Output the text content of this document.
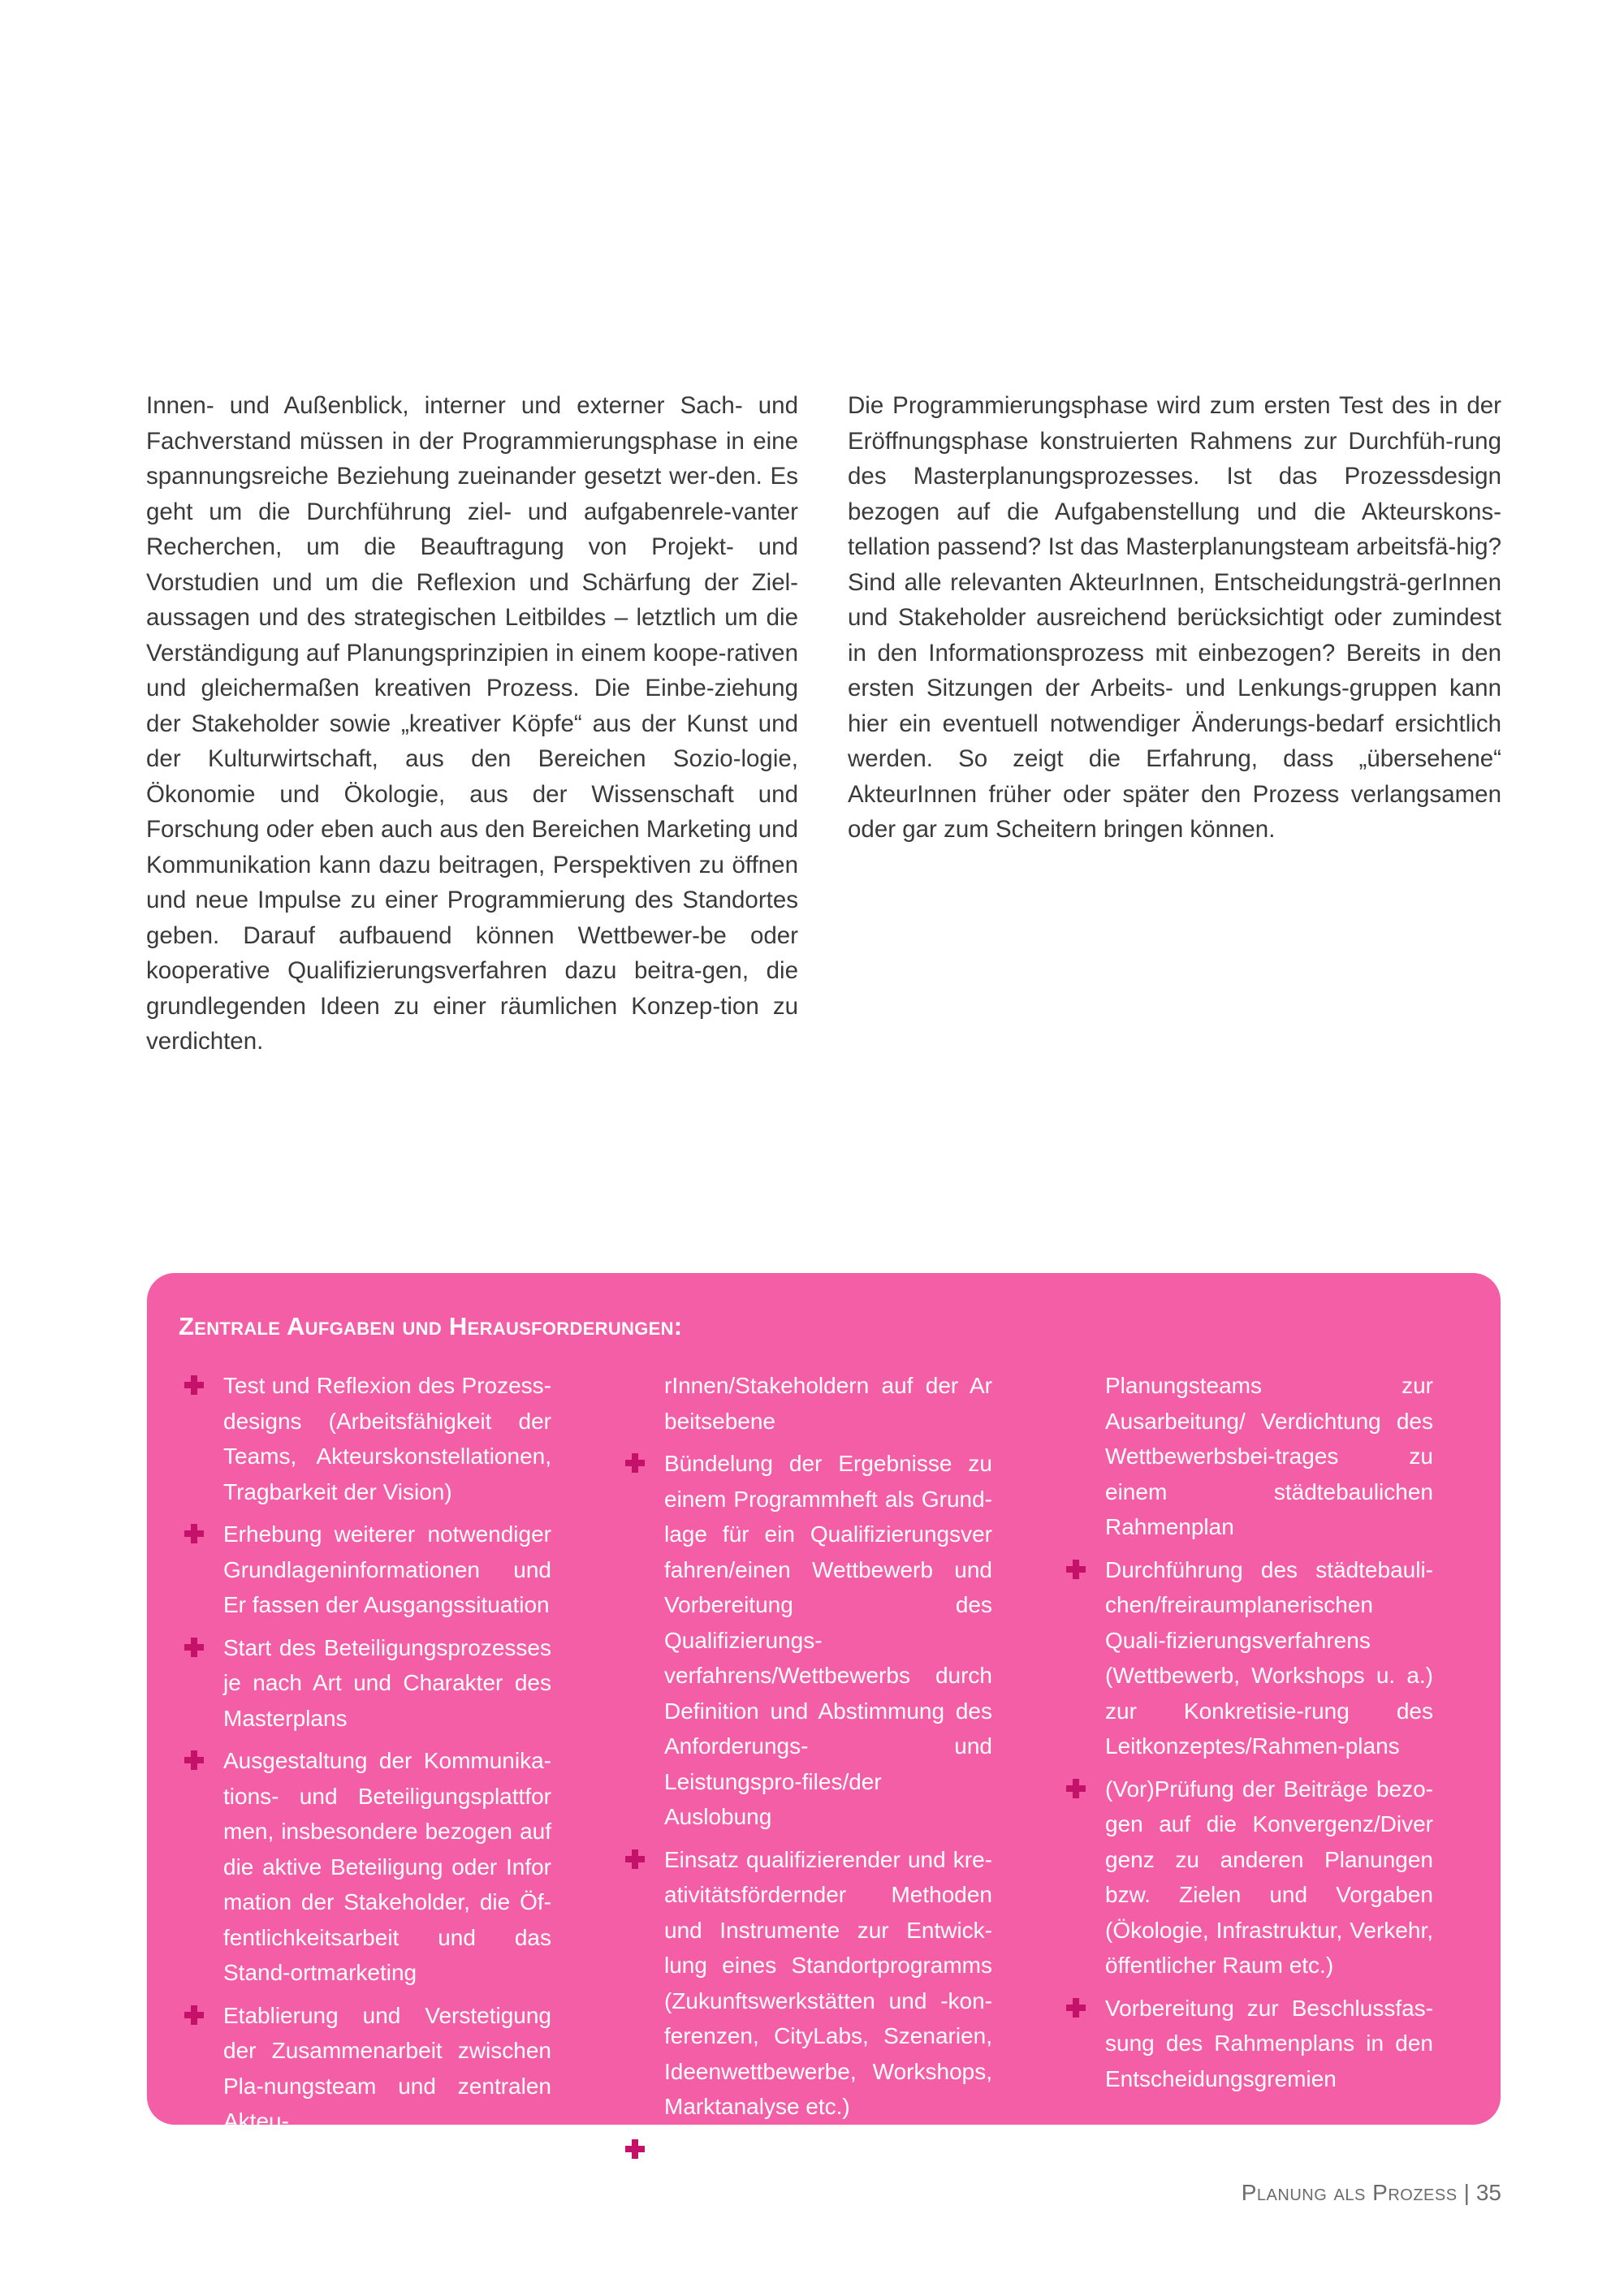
Innen- und Außenblick, interner und externer Sach- und Fachverstand müssen in der Programmierungsphase in eine spannungsreiche Beziehung zueinander gesetzt wer-den. Es geht um die Durchführung ziel- und aufgabenrele-vanter Recherchen, um die Beauftragung von Projekt- und Vorstudien und um die Reflexion und Schärfung der Ziel-aussagen und des strategischen Leitbildes – letztlich um die Verständigung auf Planungsprinzipien in einem koope-rativen und gleichermaßen kreativen Prozess. Die Einbe-ziehung der Stakeholder sowie „kreativer Köpfe“ aus der Kunst und der Kulturwirtschaft, aus den Bereichen Sozio-logie, Ökonomie und Ökologie, aus der Wissenschaft und Forschung oder eben auch aus den Bereichen Marketing und Kommunikation kann dazu beitragen, Perspektiven zu öffnen und neue Impulse zu einer Programmierung des Standortes geben. Darauf aufbauend können Wettbewer-be oder kooperative Qualifizierungsverfahren dazu beitra-gen, die grundlegenden Ideen zu einer räumlichen Konzep-tion zu verdichten.

Die Programmierungsphase wird zum ersten Test des in der Eröffnungsphase konstruierten Rahmens zur Durchfüh-rung des Masterplanungsprozesses. Ist das Prozessdesign bezogen auf die Aufgabenstellung und die Akteurskons-tellation passend? Ist das Masterplanungsteam arbeitsfä-hig? Sind alle relevanten AkteurInnen, Entscheidungsträ-gerInnen und Stakeholder ausreichend berücksichtigt oder zumindest in den Informationsprozess mit einbezogen? Bereits in den ersten Sitzungen der Arbeits- und Lenkungs-gruppen kann hier ein eventuell notwendiger Änderungs-bedarf ersichtlich werden. So zeigt die Erfahrung, dass „übersehene“ AkteurInnen früher oder später den Prozess verlangsamen oder gar zum Scheitern bringen können.

Zentrale Aufgaben und Herausforderungen:
Test und Reflexion des Prozess-designs (Arbeitsfähigkeit der Teams, Akteurskonstellationen, Tragbarkeit der Vision)
Erhebung weiterer notwendiger Grundlageninformationen und Er fassen der Ausgangssituation
Start des Beteiligungsprozesses je nach Art und Charakter des Masterplans
Ausgestaltung der Kommunika-tions- und Beteiligungsplattfor men, insbesondere bezogen auf die aktive Beteiligung oder Infor mation der Stakeholder, die Öf-fentlichkeitsarbeit und das Stand-ortmarketing
Etablierung und Verstetigung der Zusammenarbeit zwischen Pla-nungsteam und zentralen Akteu-
rInnen/Stakeholdern auf der Ar beitsebene
Bündelung der Ergebnisse zu einem Programmheft als Grund-lage für ein Qualifizierungsver fahren/einen Wettbewerb und Vorbereitung des Qualifizierungs-verfahrens/Wettbewerbs durch Definition und Abstimmung des Anforderungs- und Leistungspro-files/der Auslobung
Einsatz qualifizierender und kre-ativitätsfördernder Methoden und Instrumente zur Entwick-lung eines Standortprogramms (Zukunftswerkstätten und -kon-ferenzen, CityLabs, Szenarien, Ideenwettbewerbe, Workshops, Marktanalyse etc.)
Auswahl eines Entwurfes/eines
Planungsteams zur Ausarbeitung/ Verdichtung des Wettbewerbsbei-trages zu einem städtebaulichen Rahmenplan
Durchführung des städtebauli-chen/freiraumplanerischen Quali-fizierungsverfahrens (Wettbewerb, Workshops u. a.) zur Konkretisie-rung des Leitkonzeptes/Rahmen-plans
(Vor)Prüfung der Beiträge bezo-gen auf die Konvergenz/Diver genz zu anderen Planungen bzw. Zielen und Vorgaben (Ökologie, Infrastruktur, Verkehr, öffentlicher Raum etc.)
Vorbereitung zur Beschlussfas-sung des Rahmenplans in den Entscheidungsgremien
Planung als Prozess | 35
